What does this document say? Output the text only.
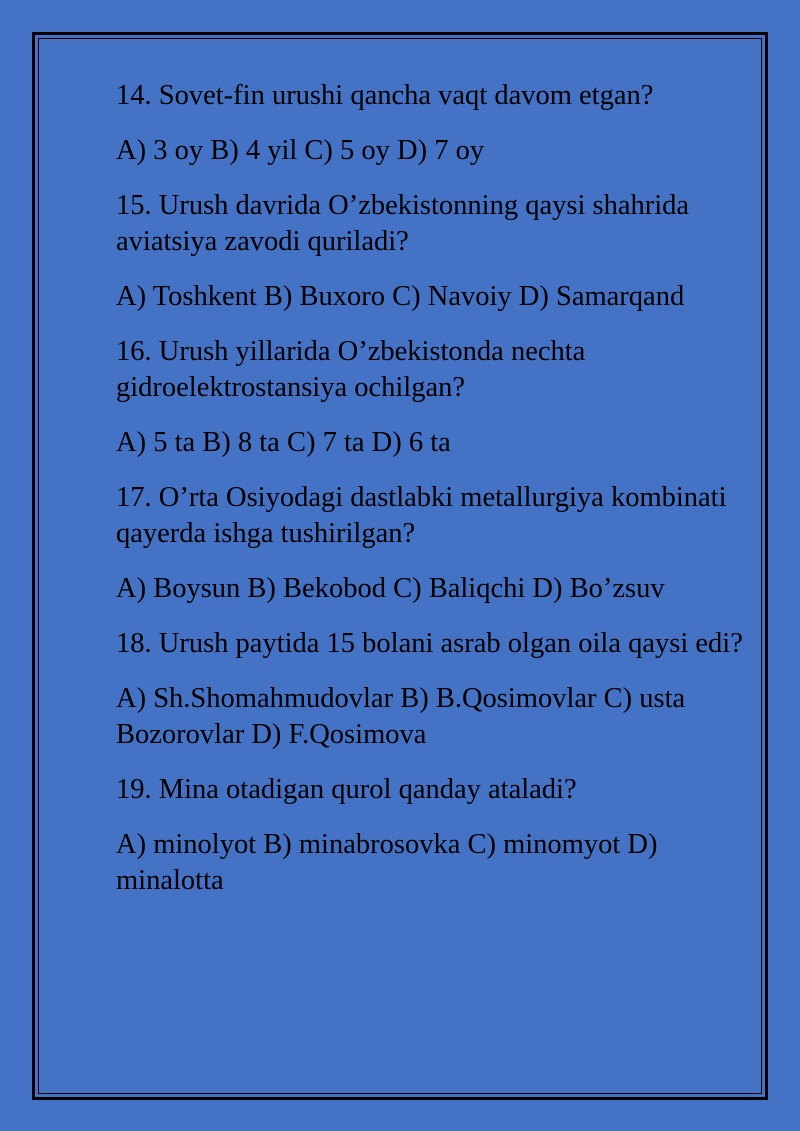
14. Sovet-fin urushi qancha vaqt davom etgan?

A) 3 oy B) 4 yil C) 5 oy D) 7 oy

15. Urush davrida O’zbekistonning qaysi shahrida aviatsiya zavodi quriladi?

A) Toshkent B) Buxoro C) Navoiy D) Samarqand

16. Urush yillarida O’zbekistonda nechta gidroelektrostansiya ochilgan?

A) 5 ta B) 8 ta C) 7 ta D) 6 ta

17. O’rta Osiyodagi dastlabki metallurgiya kombinati qayerda ishga tushirilgan?

A) Boysun B) Bekobod C) Baliqchi D) Bo’zsuv

18. Urush paytida 15 bolani asrab olgan oila qaysi edi?

A) Sh.Shomahmudovlar B) B.Qosimovlar C) usta Bozorovlar D) F.Qosimova

19. Mina otadigan qurol qanday ataladi?

A) minolyot B) minabrosovka C) minomyot D) minalotta
